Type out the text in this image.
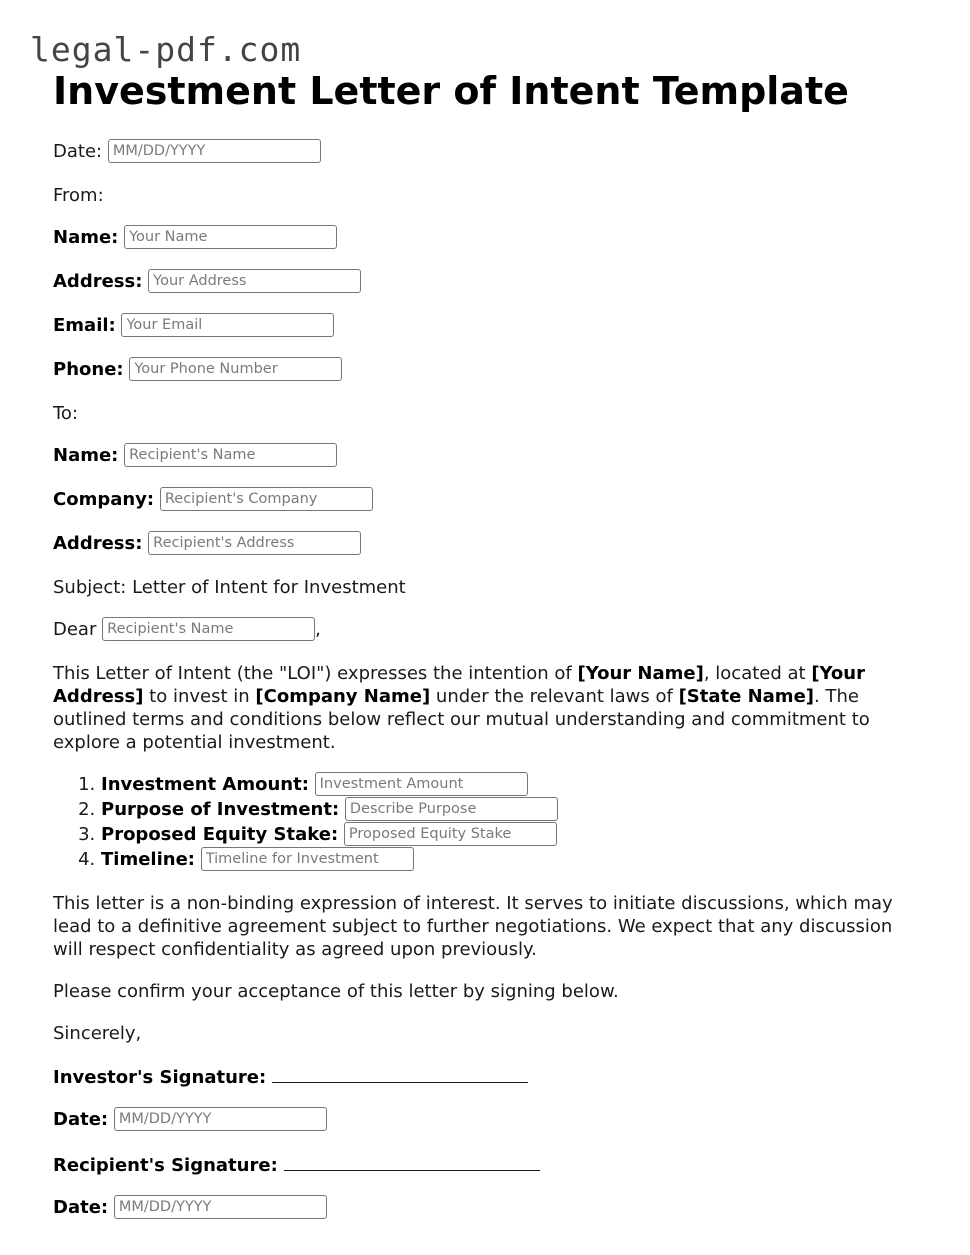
legal-pdf.com
Investment Letter of Intent Template
Date: MM/DD/YYYY
From:
Name: Your Name
Address: Your Address
Email: Your Email
Phone: Your Phone Number
To:
Name: Recipient's Name
Company: Recipient's Company
Address: Recipient's Address
Subject: Letter of Intent for Investment
Dear Recipient's Name	,

This Letter of Intent (the "LOI") expresses the intention of [Your Name], located at [Your Address] to invest in [Company Name] under the relevant laws of [State Name]. The outlined terms and conditions below reflect our mutual understanding and commitment to explore a potential investment.

1. Investment Amount: Investment Amount
2. Purpose of Investment: Describe Purpose
3. Proposed Equity Stake: Proposed Equity Stake
4. Timeline: Timeline for Investment

This letter is a non-binding expression of interest. It serves to initiate discussions, which may lead to a definitive agreement subject to further negotiations. We expect that any discussion will respect confidentiality as agreed upon previously.

Please confirm your acceptance of this letter by signing below.

Sincerely,

Investor's Signature:
Date: MM/DD/YYYY
Recipient's Signature:
Date: MM/DD/YYYY
